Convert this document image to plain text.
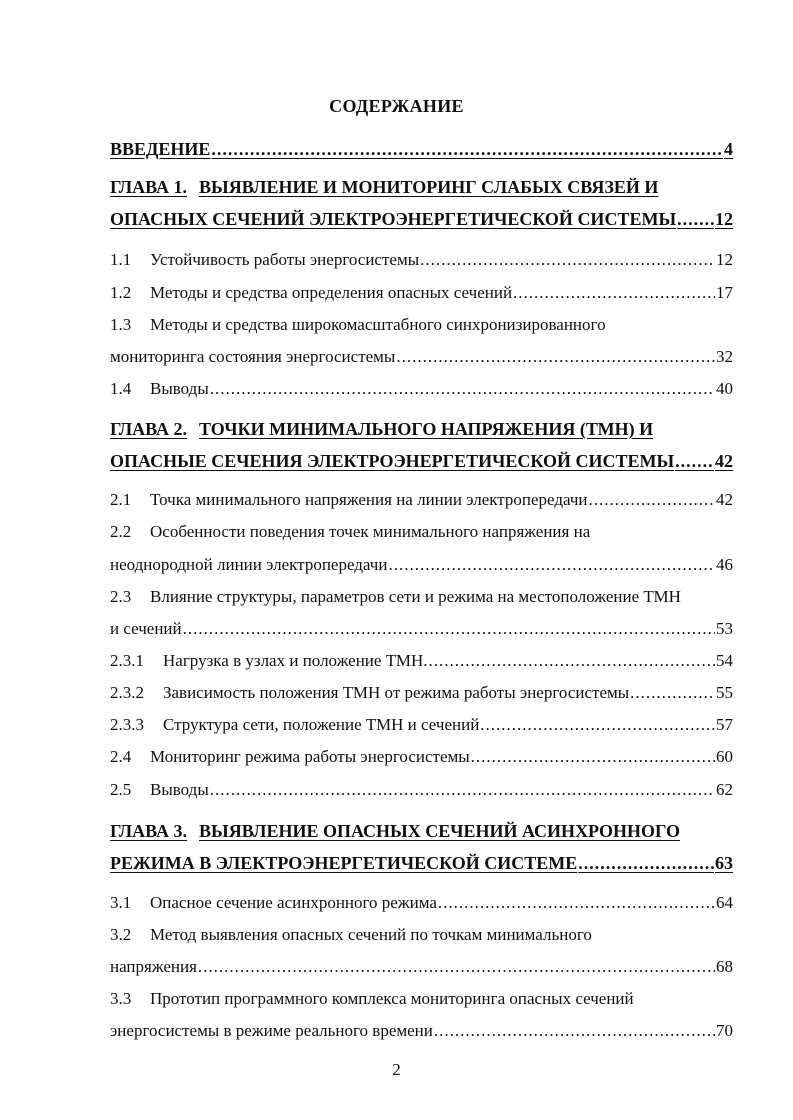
СОДЕРЖАНИЕ
ВВЕДЕНИЕ .....	4
ГЛАВА 1. ВЫЯВЛЕНИЕ И МОНИТОРИНГ СЛАБЫХ СВЯЗЕЙ И
ОПАСНЫХ СЕЧЕНИЙ ЭЛЕКТРОЭНЕРГЕТИЧЕСКОЙ СИСТЕМЫ ..... 12
1.1	Устойчивость работы энергосистемы .....	12
1.2	Методы и средства определения опасных сечений .....	17
1.3	Методы и средства широкомасштабного синхронизированного
мониторинга состояния энергосистемы .....	32
1.4	Выводы .....	40
ГЛАВА 2. ТОЧКИ МИНИМАЛЬНОГО НАПРЯЖЕНИЯ (ТМН) И
ОПАСНЫЕ СЕЧЕНИЯ ЭЛЕКТРОЭНЕРГЕТИЧЕСКОЙ СИСТЕМЫ ..... 42
2.1	Точка минимального напряжения на линии электропередачи .....	42
2.2	Особенности поведения точек минимального напряжения на
неоднородной линии электропередачи .....	46
2.3	Влияние структуры, параметров сети и режима на местоположение ТМН
и сечений .....	53
2.3.1	Нагрузка в узлах и положение ТМН. .....	54
2.3.2	Зависимость положения ТМН от режима работы энергосистемы .....	55
2.3.3	Структура сети, положение ТМН и сечений .....	57
2.4	Мониторинг режима работы энергосистемы .....	60
2.5	Выводы .....	62
ГЛАВА 3. ВЫЯВЛЕНИЕ ОПАСНЫХ СЕЧЕНИЙ АСИНХРОННОГО
РЕЖИМА В ЭЛЕКТРОЭНЕРГЕТИЧЕСКОЙ СИСТЕМЕ .....	63
3.1	Опасное сечение асинхронного режима .....	64
3.2	Метод выявления опасных сечений по точкам минимального
напряжения .....	68
3.3	Прототип программного комплекса мониторинга опасных сечений
энергосистемы в режиме реального времени .....	70
2
